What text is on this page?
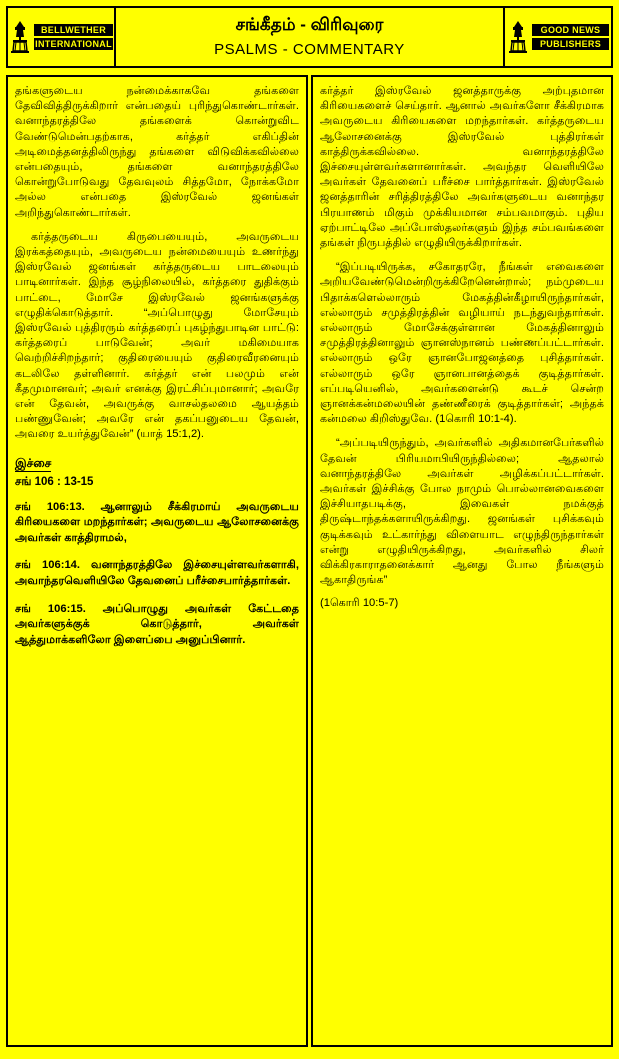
BELLWETHER
INTERNATIONAL
சங்கீதம் - விரிவுரை
PSALMS - COMMENTARY
GOOD NEWS
PUBLISHERS

தங்களுடைய நன்மைக்காகவே தங்களை தேவிவித்திருக்கிறார் என்பதைய் புரிந்துகொண்டார்கள். வனாந்தரத்திலே தங்களைக் கொன்றுவிட வேண்டுமென்பதற்காக, கர்த்தர் எகிப்தின் அடிமைத்தனத்திலிருந்து தங்களை விடுவிக்கவில்லை என்பதையும், தங்களை வனாந்தரத்திலே கொன்றுபோடுவது தேவவுலம் சித்தமோ, நோக்கமோ அல்ல என்பதை இஸ்ரவேல் ஜனங்கள் அறிந்துகொண்டார்கள்.

கர்த்தருடைய கிருபையையும், அவருடைய இரக்கத்தையும், அவருடைய நன்மையையும் உணர்ந்து இஸ்ரவேல் ஜனங்கள் கர்த்தருடைய பாடலையும் பாடினார்கள். இந்த சூழ்நிலையில், கர்த்தரை துதிக்கும் பாட்டை, மோசே இஸ்ரவேல் ஜனங்களுக்கு எழுதிக்கொடுத்தார். “அப்பொழுது மோசேயும் இஸ்ரவேல் புத்திரரும் கர்த்தரைப் புகழ்ந்துபாடின பாட்டு: கர்த்தரைப் பாடுவேன்; அவர் மகிமையாக வெற்றிச்சிறந்தார்; குதிரையையும் குதிரைவீரனையும் கடலிலே தள்ளினார். கர்த்தர் என் பலமும் என் கீதமுமானவர்; அவர் எனக்கு இரட்சிப்புமானார்; அவரே என் தேவன், அவருக்கு வாசல்தலமை ஆயத்தம் பண்ணுவேன்; அவரே என் தகப்பனுடைய தேவன், அவரை உயர்த்துவேன்” (யாத் 15:1,2).

இச்சை
சங் 106 : 13-15

சங் 106:13. ஆனாலும் சீக்கிரமாய் அவருடைய கிரியைகளை மறந்தார்கள்; அவருடைய ஆலோசனைக்கு அவர்கள் காத்திராமல்,

சங் 106:14. வனாந்தரத்திலே இச்சையுள்ளவர்களாகி, அவாந்தரவெளியிலே தேவனைப் பரீச்சைபார்த்தார்கள்.

சங் 106:15. அப்பொழுது அவர்கள் கேட்டதை அவர்களுக்குக் கொடுத்தார், அவர்கள் ஆத்துமாக்களிலோ இளைப்பை அனுப்பினார்.

கர்த்தர் இஸ்ரவேல் ஜனத்தாருக்கு அற்புதமான கிரியைகளைச் செய்தார். ஆனால் அவர்களோ சீக்கிரமாக அவருடைய கிரியைகளை மறந்தார்கள். கர்த்தருடைய ஆலோசனைக்கு இஸ்ரவேல் புத்திரர்கள் காத்திருக்கவில்லை. வனாந்தரத்திலே இச்சையுள்ளவர்களானார்கள். அவந்தர வெளியிலே அவர்கள் தேவனைப் பரீச்சை பார்த்தார்கள். இஸ்ரவேல் ஜனத்தாரின் சரித்திரத்திலே அவர்களுடைய வனாந்தர பிரயாணம் மிகும் முக்கியமான சம்பவமாகும். புதிய ஏற்பாட்டிலே அப்போஸ்தலர்களும் இந்த சம்பவங்களை தங்கள் நிருபத்தில் எழுதியிருக்கிறார்கள்.

“இப்படியிருக்க, சகோதரரே, நீங்கள் எவைகளை அறியவேண்டுமென்றிருக்கிறேனென்றால்; நம்முடைய பிதாக்களெல்லாரும் மேகத்தின்கீழாயிருந்தார்கள், எல்லாரும் சமுத்திரத்தின் வழியாய் நடந்துவந்தார்கள். எல்லாரும் மோசேக்குள்ளான மேகத்தினாலும் சமுத்திரத்தினாலும் ஞானஸ்நானம் பண்ணப்பட்டார்கள். எல்லாரும் ஒரே ஞானபோஜனத்தை புசித்தார்கள். எல்லாரும் ஒரே ஞானபானத்தைக் குடித்தார்கள். எப்படியெனில், அவர்களைன்டு கூடச் சென்ற ஞானக்கன்மலையின் தண்ணீரைக் குடித்தார்கள்; அந்தக் கன்மலை கிறிஸ்துவே. (1கொரி 10:1-4).

“அப்படியிருந்தும், அவர்களில் அதிகமானபேர்களில் தேவன் பிரியமாபியிருந்தில்லை; ஆதலால் வனாந்தரத்திலே அவர்கள் அழிக்கப்பட்டார்கள். அவர்கள் இச்சிக்கு போல நாமும் பொல்லானவைகளை இச்சியாதபடிக்கு, இவைகள் நமக்குத் திருஷ்டாந்தக்களாயிருக்கிறது. ஜனங்கள் புசிக்கவும் குடிக்கவும் உட்கார்ந்து விளையாட எழுந்திருந்தார்கள் என்று எழுதியிருக்கிறது, அவர்களில் சிலர் விக்கிரகாராதனைக்கார் ஆனது போல நீங்களும் ஆகாதிருங்க”

(1கொரி 10:5-7)
